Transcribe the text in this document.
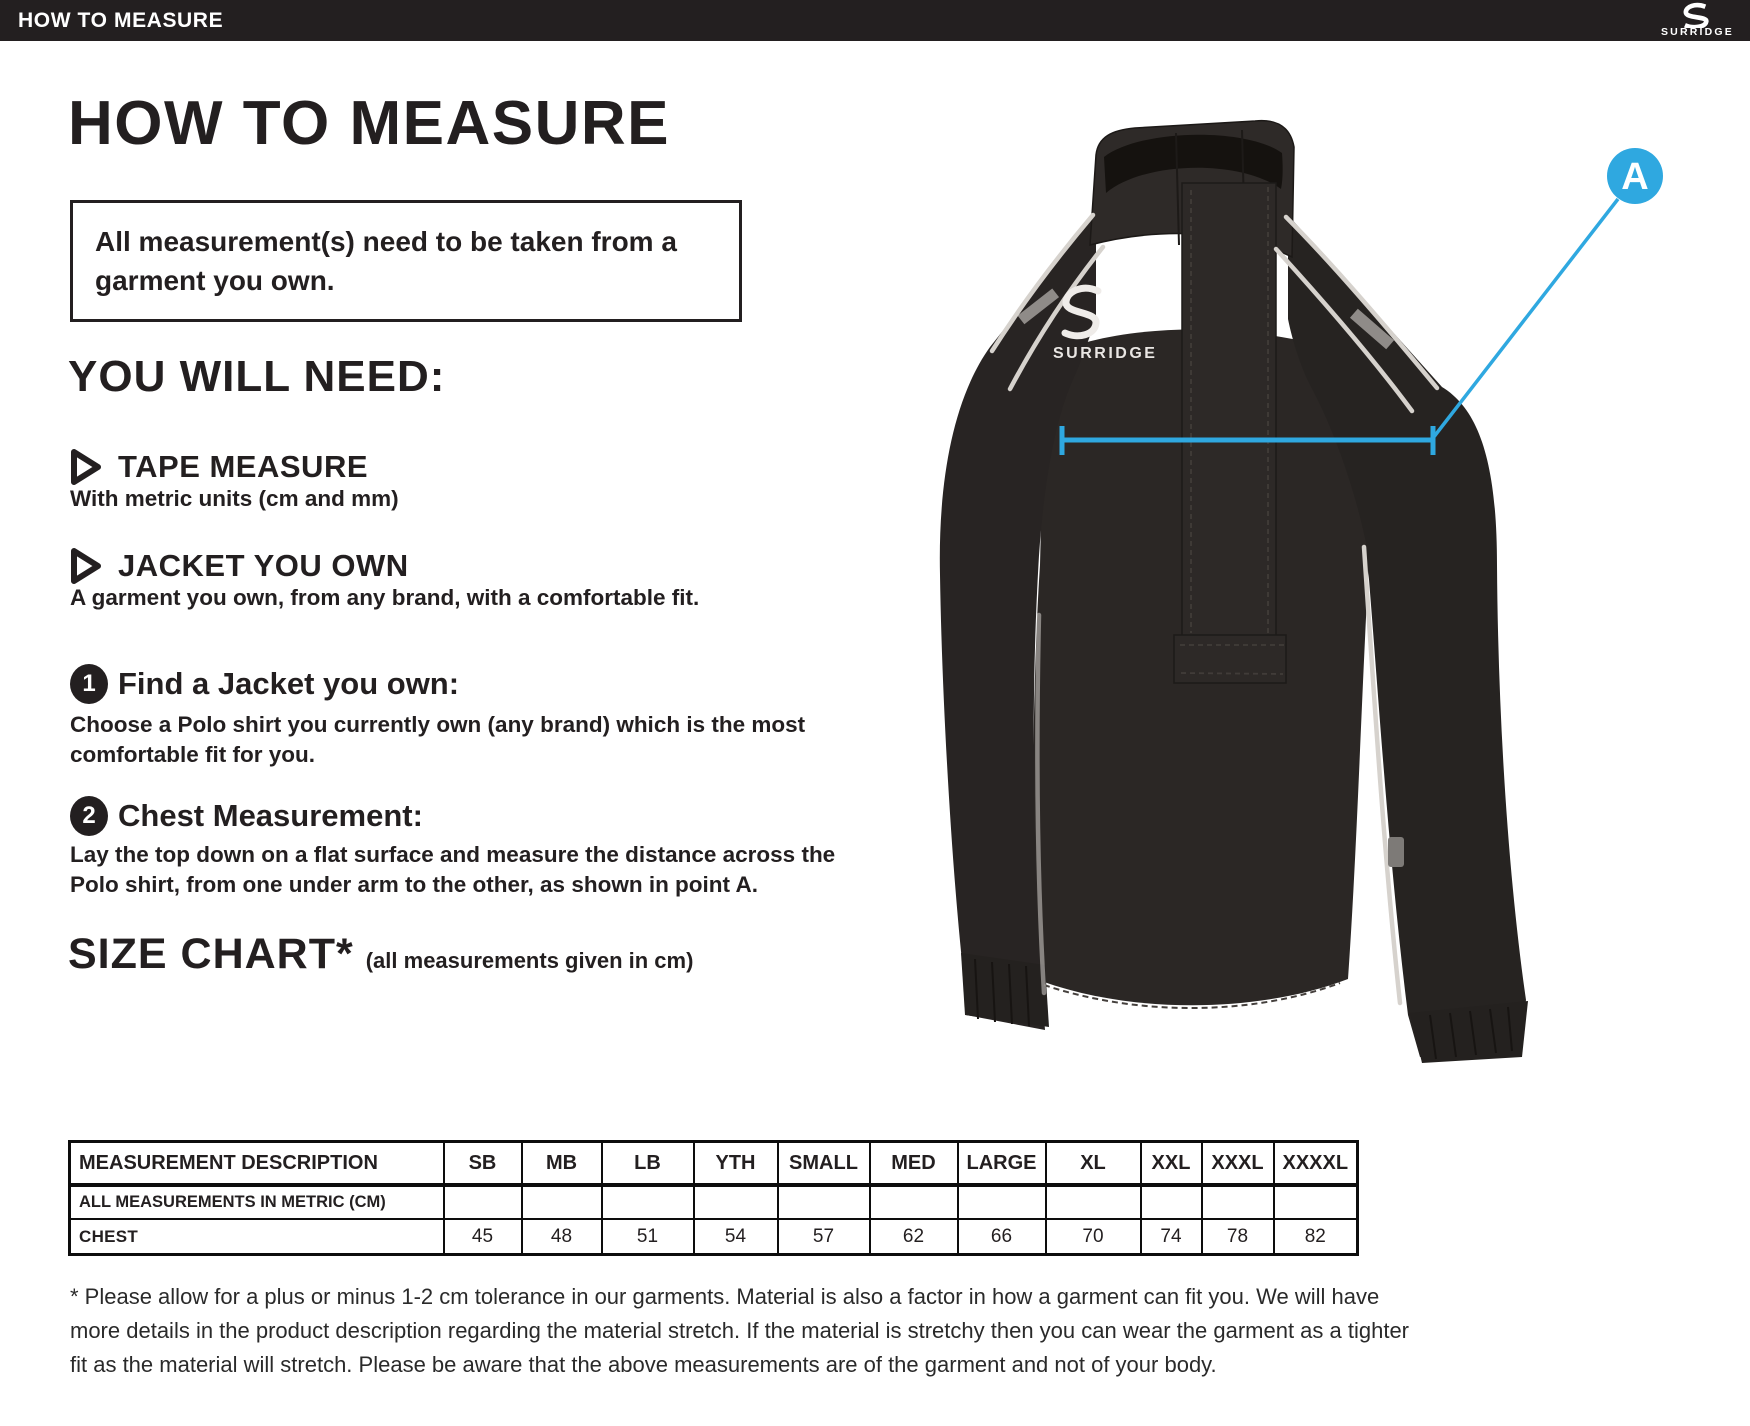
HOW TO MEASURE
SURRIDGE
HOW TO MEASURE

All measurement(s) need to be taken from a garment you own.

YOU WILL NEED:
TAPE MEASURE
With metric units (cm and mm)
JACKET YOU OWN
A garment you own, from any brand, with a comfortable fit.
1 Find a Jacket you own:
Choose a Polo shirt you currently own (any brand) which is the most comfortable fit for you.
2 Chest Measurement:
Lay the top down on a flat surface and measure the distance across the Polo shirt, from one under arm to the other, as shown in point A.
SIZE CHART* (all measurements given in cm)
MEASUREMENT DESCRIPTION	SB	MB	LB	YTH	SMALL	MED	LARGE	XL	XXL	XXXL	XXXXL
ALL MEASUREMENTS IN METRIC (CM)											
CHEST	45	48	51	54	57	62	66	70	74	78	82
* Please allow for a plus or minus 1-2 cm tolerance in our garments. Material is also a factor in how a garment can fit you. We will have more details in the product description regarding the material stretch. If the material is stretchy then you can wear the garment as a tighter fit as the material will stretch. Please be aware that the above measurements are of the garment and not of your body.
SURRIDGE
A
